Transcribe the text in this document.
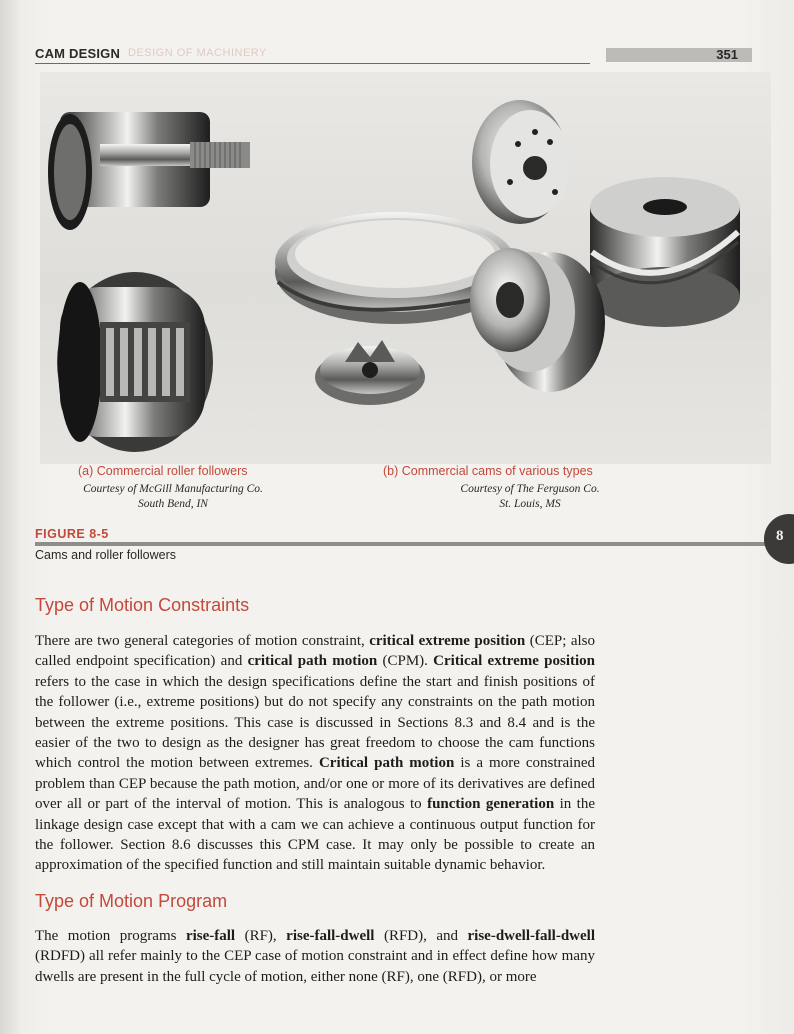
CAM DESIGN DESIGN OF MACHINERY	351
(a) Commercial roller followers	(b) Commercial cams of various types
Courtesy of McGill Manufacturing Co.
South Bend, IN
Courtesy of The Ferguson Co.
St. Louis, MS
FIGURE 8-5
Cams and roller followers
8
Type of Motion Constraints
There are two general categories of motion constraint, critical extreme position (CEP; also called endpoint specification) and critical path motion (CPM). Critical extreme position refers to the case in which the design specifications define the start and finish positions of the follower (i.e., extreme positions) but do not specify any constraints on the path motion between the extreme positions. This case is discussed in Sections 8.3 and 8.4 and is the easier of the two to design as the designer has great freedom to choose the cam functions which control the motion between extremes. Critical path motion is a more constrained problem than CEP because the path motion, and/or one or more of its derivatives are defined over all or part of the interval of motion. This is analogous to function generation in the linkage design case except that with a cam we can achieve a continuous output function for the follower. Section 8.6 discusses this CPM case. It may only be possible to create an approximation of the specified function and still maintain suitable dynamic behavior.
Type of Motion Program
The motion programs rise-fall (RF), rise-fall-dwell (RFD), and rise-dwell-fall-dwell (RDFD) all refer mainly to the CEP case of motion constraint and in effect define how many dwells are present in the full cycle of motion, either none (RF), one (RFD), or more
